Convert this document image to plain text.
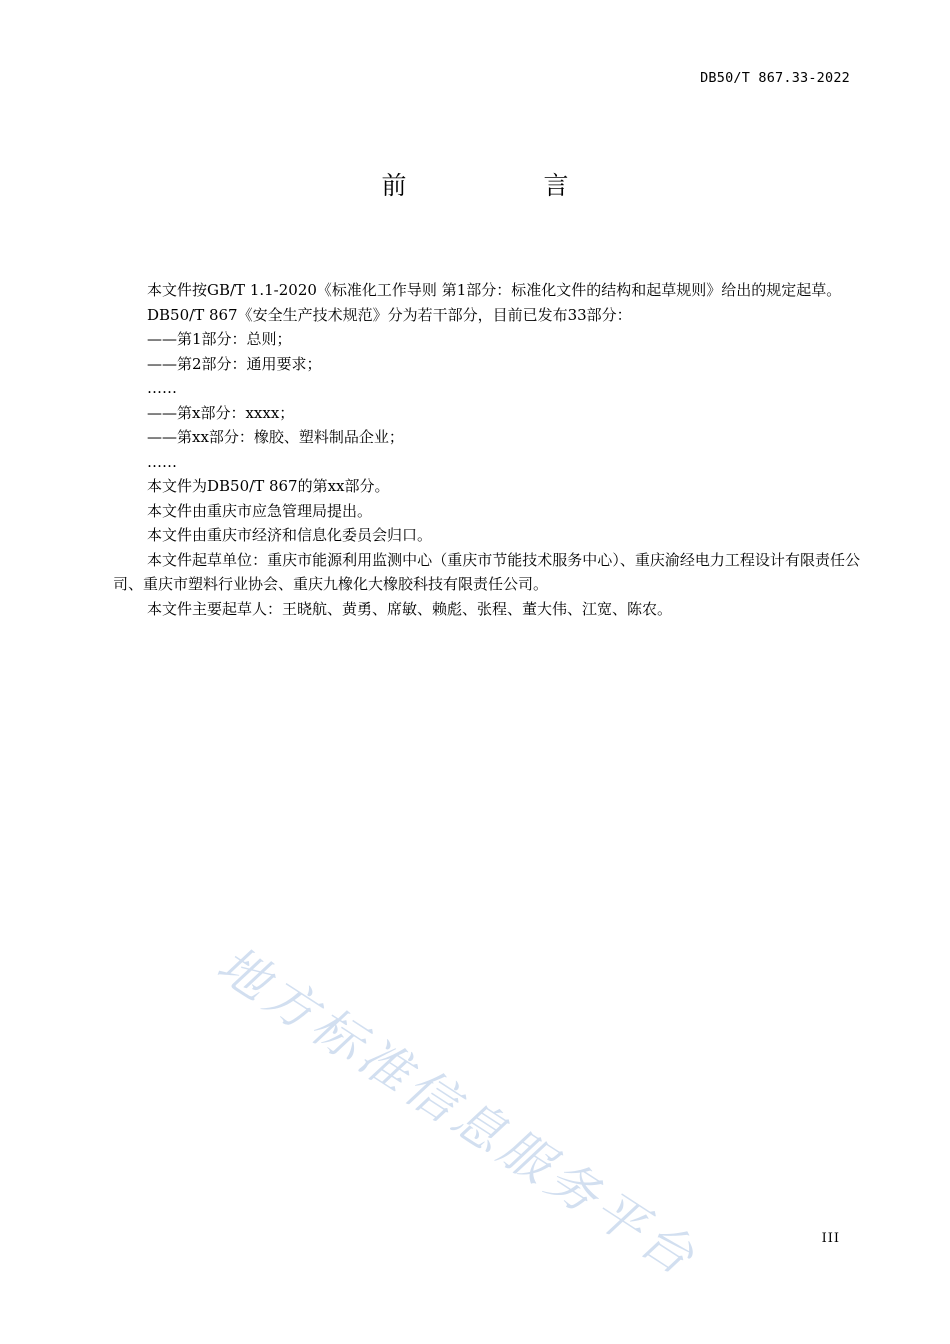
DB50/T 867.33-2022
前　言

本文件按GB/T 1.1-2020《标准化工作导则 第1部分：标准化文件的结构和起草规则》给出的规定起草。

DB50/T 867《安全生产技术规范》分为若干部分，目前已发布33部分：

——第1部分：总则；

——第2部分：通用要求；

……

——第x部分：xxxx；

——第xx部分：橡胶、塑料制品企业；

……

本文件为DB50/T 867的第xx部分。

本文件由重庆市应急管理局提出。

本文件由重庆市经济和信息化委员会归口。

本文件起草单位：重庆市能源利用监测中心（重庆市节能技术服务中心）、重庆渝经电力工程设计有限责任公司、重庆市塑料行业协会、重庆九橡化大橡胶科技有限责任公司。

本文件主要起草人：王晓航、黄勇、席敏、赖彪、张程、董大伟、江宽、陈农。

地方标准信息服务平台	III
